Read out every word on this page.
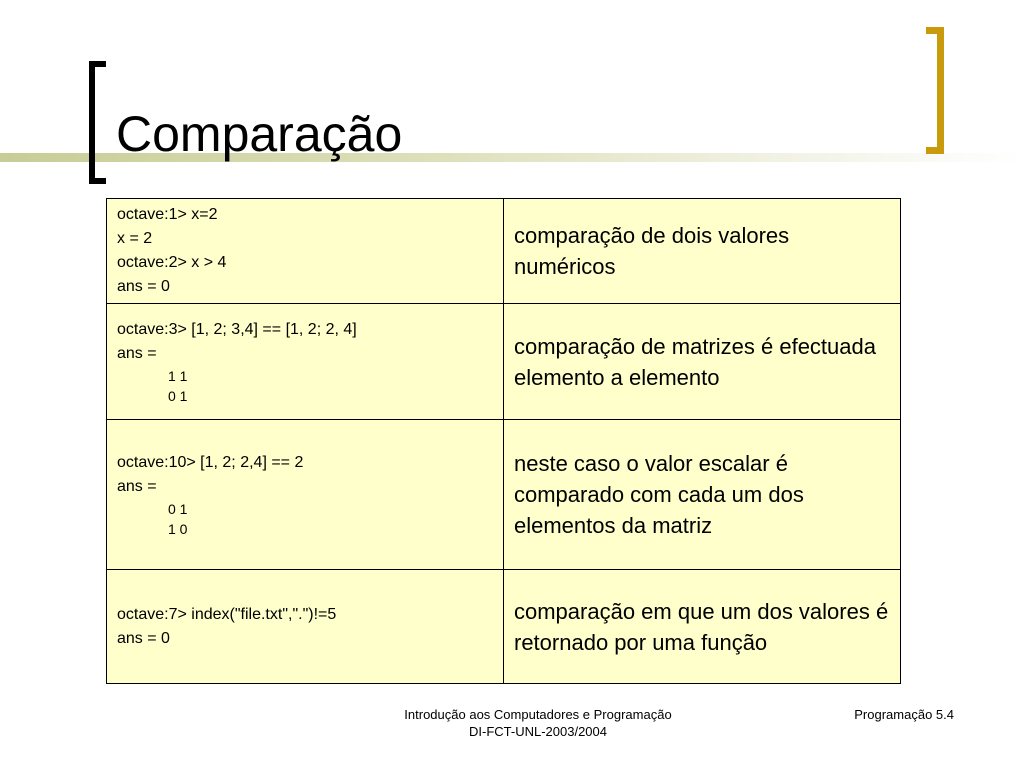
Comparação
octave:1> x=2
x = 2
octave:2> x > 4
ans = 0	comparação de dois valores numéricos

octave:3> [1, 2; 3,4] == [1, 2; 2, 4]
ans =
1 1
0 1	comparação de matrizes é efectuada elemento a elemento

octave:10> [1, 2; 2,4] == 2
ans =
0 1
1 0	neste caso o valor escalar é comparado com cada um dos elementos da matriz

octave:7> index("file.txt",".")!=5
ans = 0	comparação em que um dos valores é retornado por uma função
Introdução aos Computadores e Programação
DI-FCT-UNL-2003/2004
Programação 5.4
